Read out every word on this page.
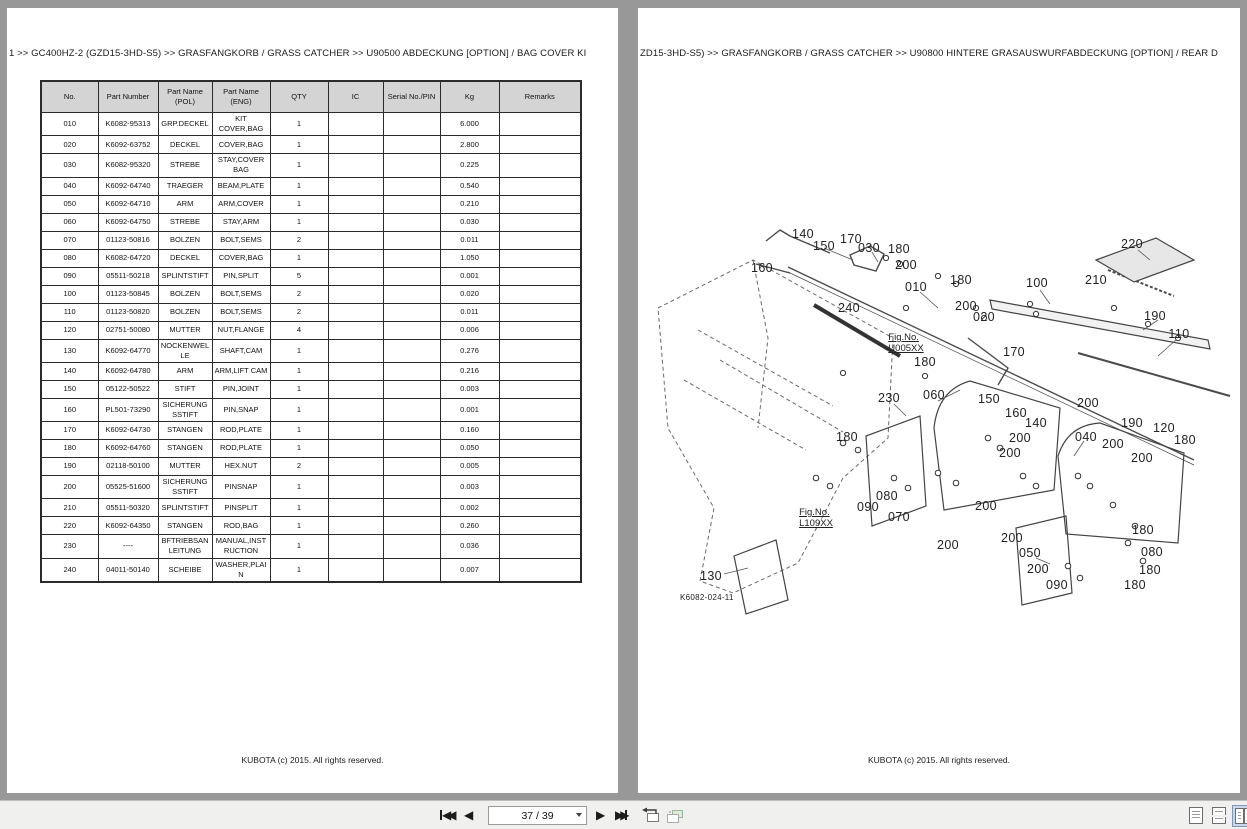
1 >> GC400HZ-2 (GZD15-3HD-S5) >> GRASFANGKORB / GRASS CATCHER >> U90500 ABDECKUNG [OPTION] / BAG COVER KI
No.	Part Number	Part Name (POL)	Part Name (ENG)	QTY	IC	Serial No./PIN	Kg	Remarks
010	K6082-95313	GRP.DECKEL	KIT COVER,BAG	1			6.000	
020	K6092-63752	DECKEL	COVER,BAG	1			2.800	
030	K6082-95320	STREBE	STAY,COVER BAG	1			0.225	
040	K6092-64740	TRAEGER	BEAM,PLATE	1			0.540	
050	K6092-64710	ARM	ARM,COVER	1			0.210	
060	K6092-64750	STREBE	STAY,ARM	1			0.030	
070	01123-50816	BOLZEN	BOLT,SEMS	2			0.011	
080	K6082-64720	DECKEL	COVER,BAG	1			1.050	
090	05511-50218	SPLINTSTIFT	PIN,SPLIT	5			0.001	
100	01123-50845	BOLZEN	BOLT,SEMS	2			0.020	
110	01123-50820	BOLZEN	BOLT,SEMS	2			0.011	
120	02751-50080	MUTTER	NUT,FLANGE	4			0.006	
130	K6092-64770	NOCKENWELLE	SHAFT,CAM	1			0.276	
140	K6092-64780	ARM	ARM,LIFT CAM	1			0.216	
150	05122-50522	STIFT	PIN,JOINT	1			0.003	
160	PL501-73290	SICHERUNGSSTIFT	PIN,SNAP	1			0.001	
170	K6092-64730	STANGEN	ROD,PLATE	1			0.160	
180	K6092-64760	STANGEN	ROD,PLATE	1			0.050	
190	02118-50100	MUTTER	HEX.NUT	2			0.005	
200	05525-51600	SICHERUNGSSTIFT	PINSNAP	1			0.003	
210	05511-50320	SPLINTSTIFT	PINSPLIT	1			0.002	
220	K6092-64350	STANGEN	ROD,BAG	1			0.260	
230	----	BFTRIEBSANLEITUNG	MANUAL,INSTRUCTION	1			0.036	
240	04011-50140	SCHEIBE	WASHER,PLAIN	1			0.007	
KUBOTA (c) 2015. All rights reserved.
ZD15-3HD-S5) >> GRASFANGKORB / GRASS CATCHER >> U90800 HINTERE GRASAUSWURFABDECKUNG [OPTION] / REAR D
140
150 170
030 180
160	200
010 180	100
200
020
240
210
220
190
110
170
180
230 060	150
160
140
200
190 120
180
040
200
200
200
200
180
080
090
070
200
200
130
200
050
200
090
180
080
180
180
Fig.No.
U005XX
Fig.No.
L109XX
K6082-024-11
KUBOTA (c) 2015. All rights reserved.
◀◀ ◀	37 / 39	▶ ▶▶
